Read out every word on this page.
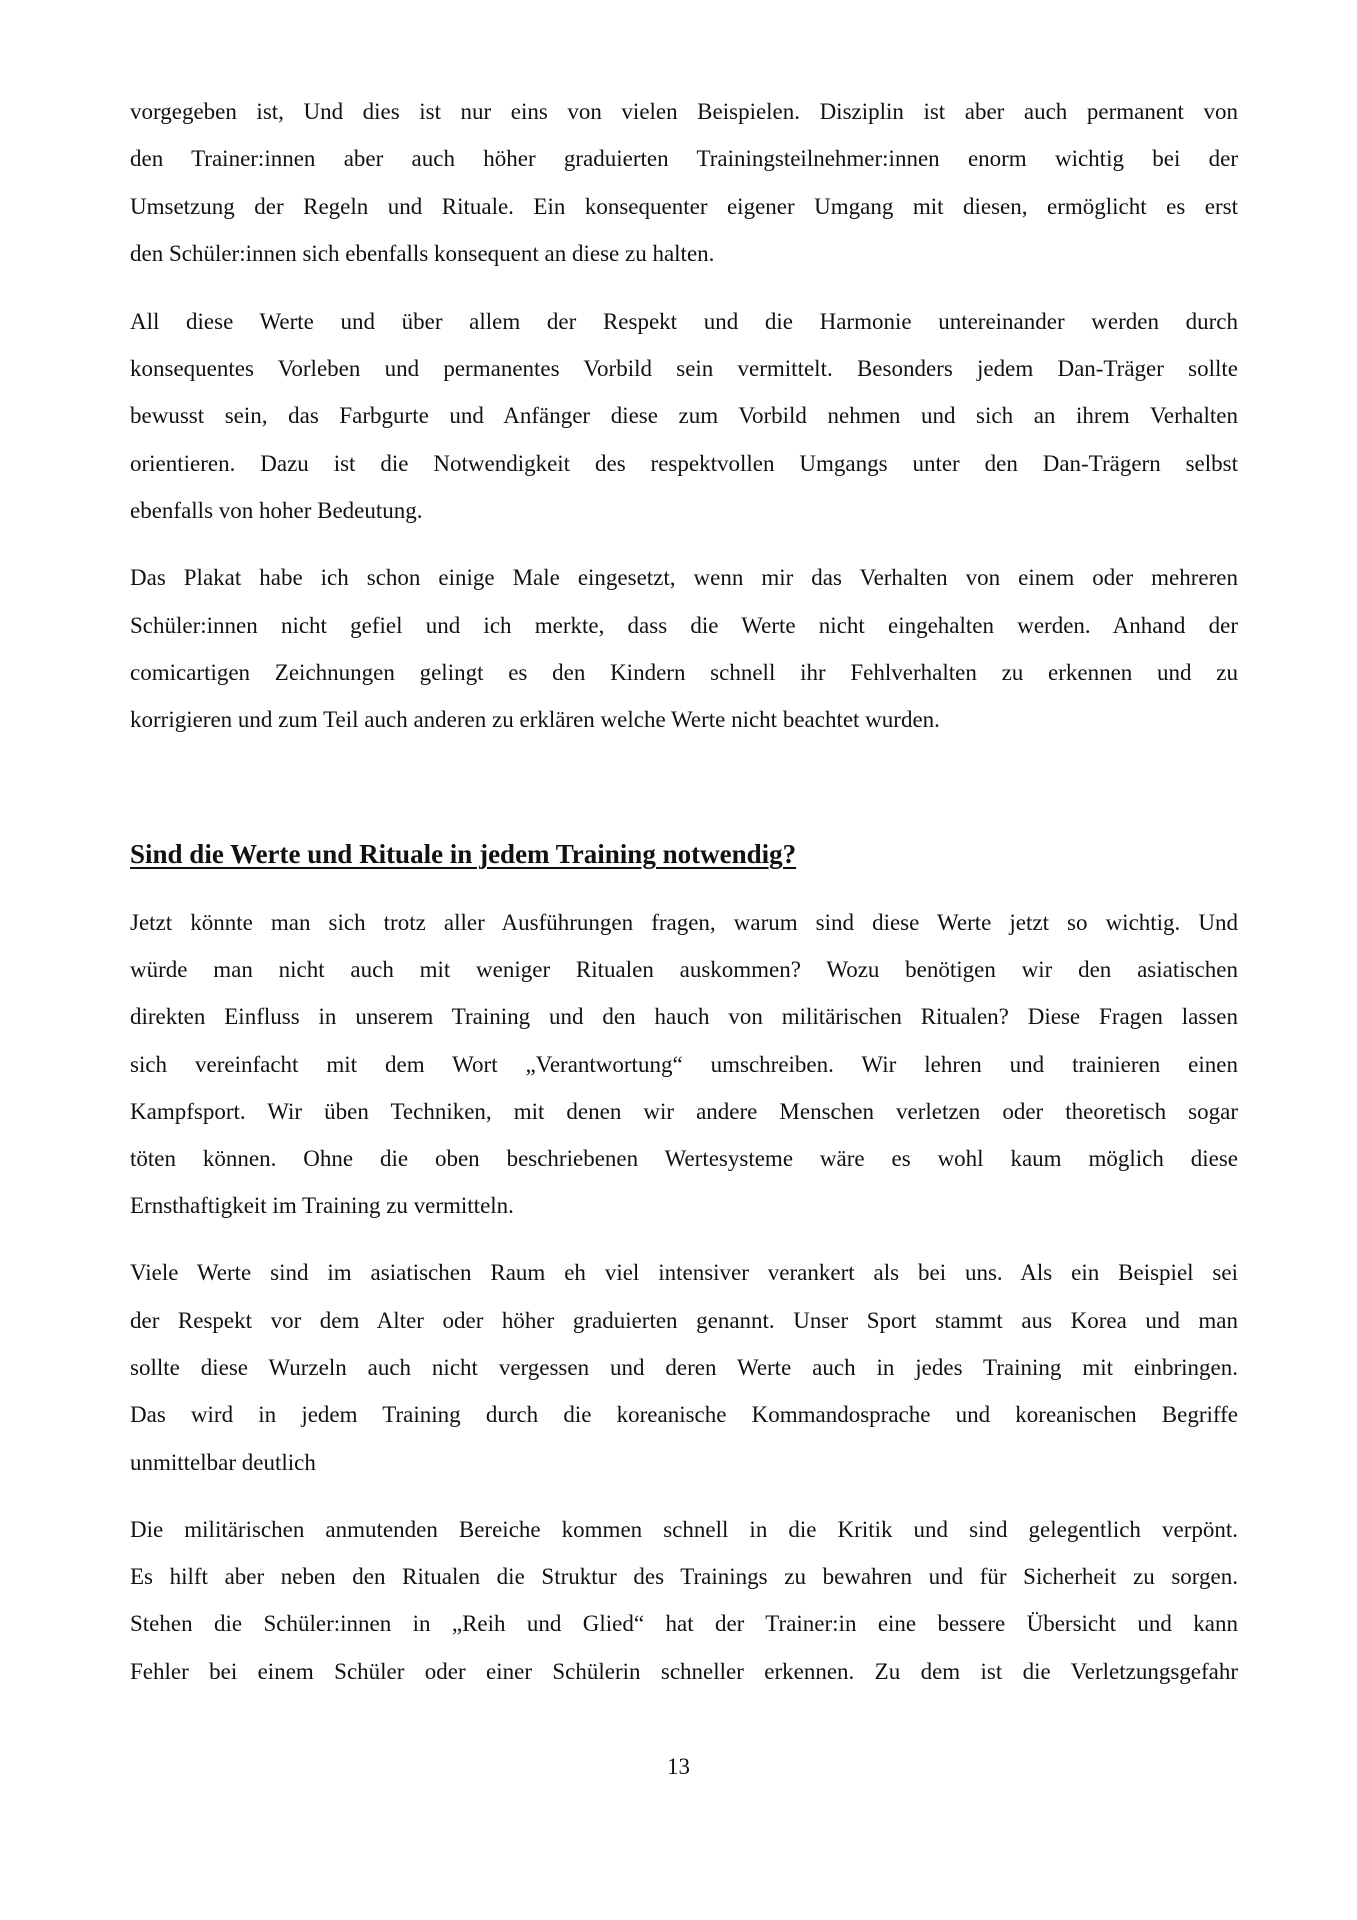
vorgegeben ist, Und dies ist nur eins von vielen Beispielen. Disziplin ist aber auch permanent von
den Trainer:innen aber auch höher graduierten Trainingsteilnehmer:innen enorm wichtig bei der
Umsetzung der Regeln und Rituale. Ein konsequenter eigener Umgang mit diesen, ermöglicht es erst
den Schüler:innen sich ebenfalls konsequent an diese zu halten.
All diese Werte und über allem der Respekt und die Harmonie untereinander werden durch
konsequentes Vorleben und permanentes Vorbild sein vermittelt. Besonders jedem Dan-Träger sollte
bewusst sein, das Farbgurte und Anfänger diese zum Vorbild nehmen und sich an ihrem Verhalten
orientieren. Dazu ist die Notwendigkeit des respektvollen Umgangs unter den Dan-Trägern selbst
ebenfalls von hoher Bedeutung.
Das Plakat habe ich schon einige Male eingesetzt, wenn mir das Verhalten von einem oder mehreren
Schüler:innen nicht gefiel und ich merkte, dass die Werte nicht eingehalten werden. Anhand der
comicartigen Zeichnungen gelingt es den Kindern schnell ihr Fehlverhalten zu erkennen und zu
korrigieren und zum Teil auch anderen zu erklären welche Werte nicht beachtet wurden.
Sind die Werte und Rituale in jedem Training notwendig?
Jetzt könnte man sich trotz aller Ausführungen fragen, warum sind diese Werte jetzt so wichtig. Und
würde man nicht auch mit weniger Ritualen auskommen? Wozu benötigen wir den asiatischen
direkten Einfluss in unserem Training und den hauch von militärischen Ritualen? Diese Fragen lassen
sich vereinfacht mit dem Wort „Verantwortung“ umschreiben. Wir lehren und trainieren einen
Kampfsport. Wir üben Techniken, mit denen wir andere Menschen verletzen oder theoretisch sogar
töten können. Ohne die oben beschriebenen Wertesysteme wäre es wohl kaum möglich diese
Ernsthaftigkeit im Training zu vermitteln.
Viele Werte sind im asiatischen Raum eh viel intensiver verankert als bei uns. Als ein Beispiel sei
der Respekt vor dem Alter oder höher graduierten genannt. Unser Sport stammt aus Korea und man
sollte diese Wurzeln auch nicht vergessen und deren Werte auch in jedes Training mit einbringen.
Das wird in jedem Training durch die koreanische Kommandosprache und koreanischen Begriffe
unmittelbar deutlich
Die militärischen anmutenden Bereiche kommen schnell in die Kritik und sind gelegentlich verpönt.
Es hilft aber neben den Ritualen die Struktur des Trainings zu bewahren und für Sicherheit zu sorgen.
Stehen die Schüler:innen in „Reih und Glied“ hat der Trainer:in eine bessere Übersicht und kann
Fehler bei einem Schüler oder einer Schülerin schneller erkennen. Zu dem ist die Verletzungsgefahr
13
